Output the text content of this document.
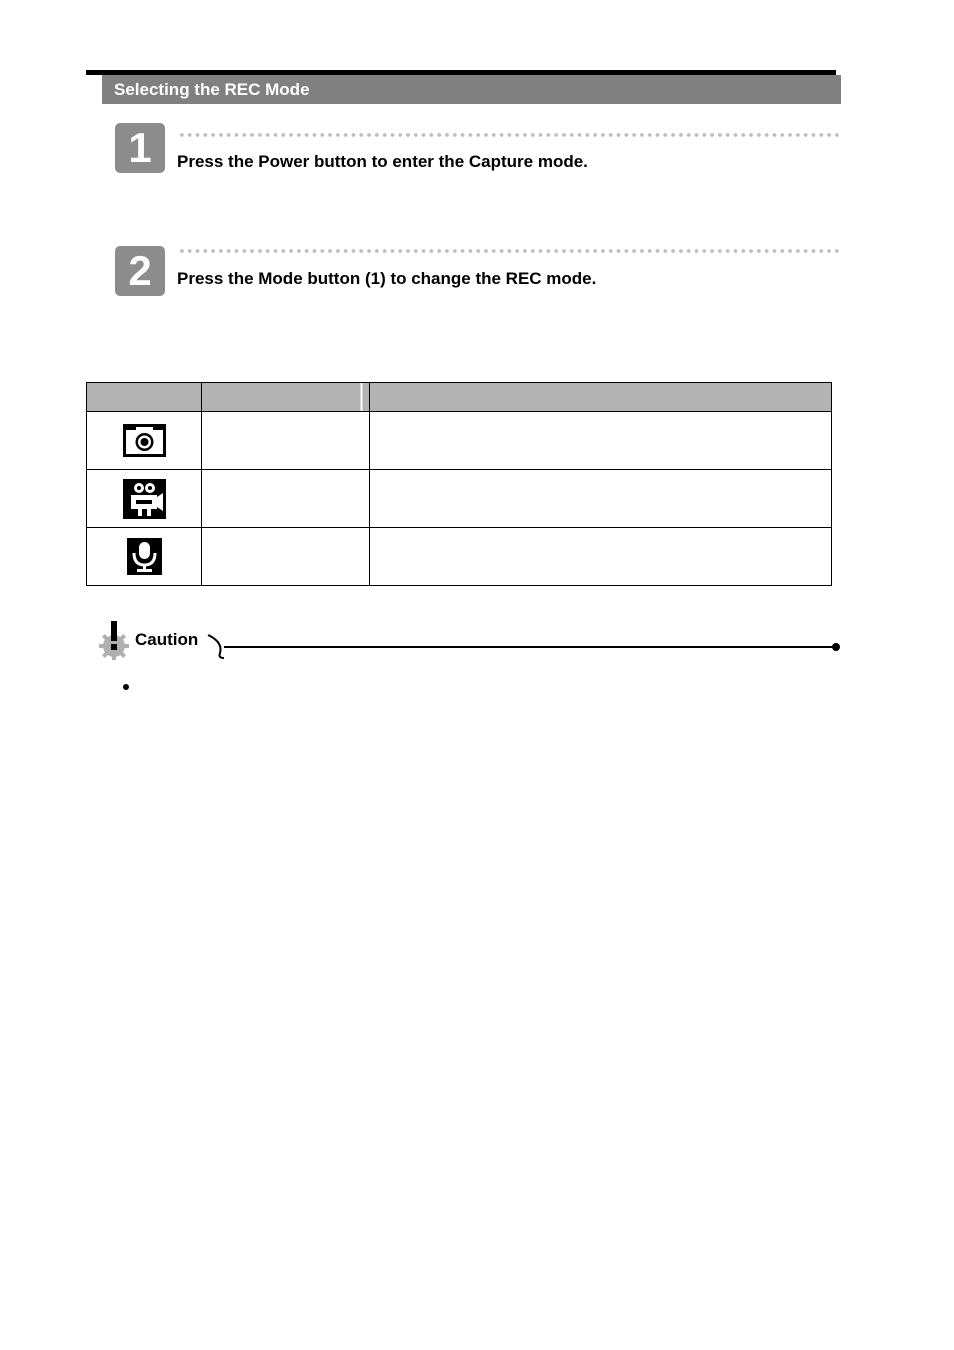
Selecting the REC Mode
1	Press the Power button to enter the Capture mode.
2	Press the Mode button (1) to change the REC mode.

Caution
